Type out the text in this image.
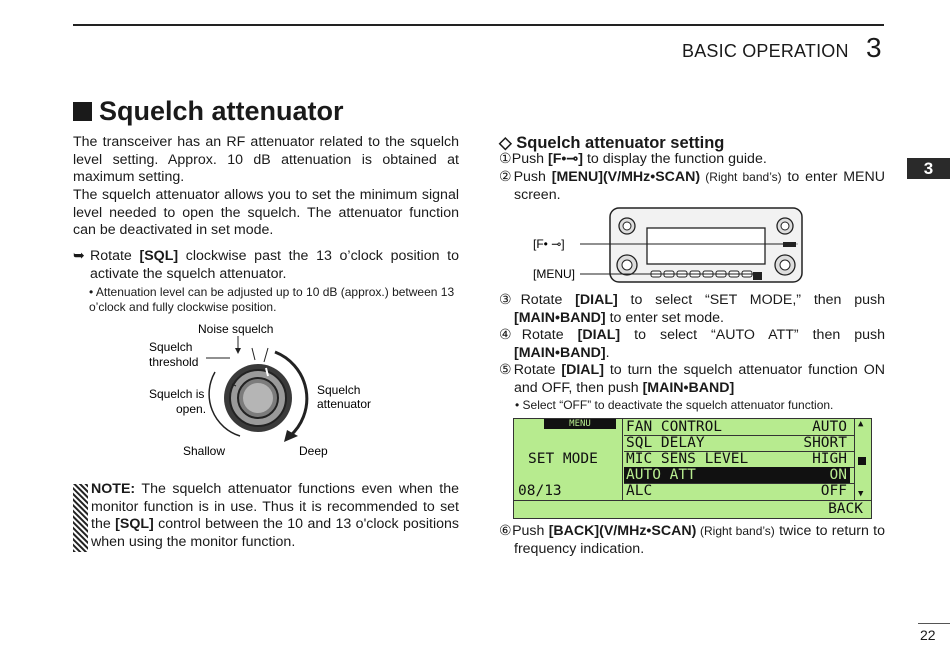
BASIC OPERATION 3
3
Squelch attenuator
The transceiver has an RF attenuator related to the squelch level setting. Approx. 10 dB attenuation is obtained at maximum setting.
The squelch attenuator allows you to set the minimum signal level needed to open the squelch. The attenuator function can be deactivated in set mode.
➥ Rotate [SQL] clockwise past the 13 o’clock position to activate the squelch attenuator.
• Attenuation level can be adjusted up to 10 dB (approx.) between 13 o’clock and fully clockwise position.
Noise squelch
Squelch
threshold
Squelch is
open.
Squelch
attenuator
Shallow	Deep
NOTE: The squelch attenuator functions even when the monitor function is in use. Thus it is recommended to set the [SQL] control between the 10 and 13 o'clock positions when using the monitor function.
◇ Squelch attenuator setting
①Push [F•⊸] to display the function guide.
②Push [MENU](V/MHz•SCAN) (Right band’s) to enter MENU screen.
[F• ⊸]
[MENU]
③Rotate [DIAL] to select “SET MODE,” then push [MAIN•BAND] to enter set mode.
④Rotate [DIAL] to select “AUTO ATT” then push [MAIN•BAND].
⑤Rotate [DIAL] to turn the squelch attenuator function ON and OFF, then push [MAIN•BAND]
• Select “OFF” to deactivate the squelch attenuator function.
MENU
SET MODE
08/13
▲
▼
BACK
FAN CONTROL	AUTO
SQL DELAY	SHORT
MIC SENS LEVEL	HIGH
AUTO ATT	ON
ALC	OFF
⑥Push [BACK](V/MHz•SCAN) (Right band’s) twice to return to frequency indication.
22
